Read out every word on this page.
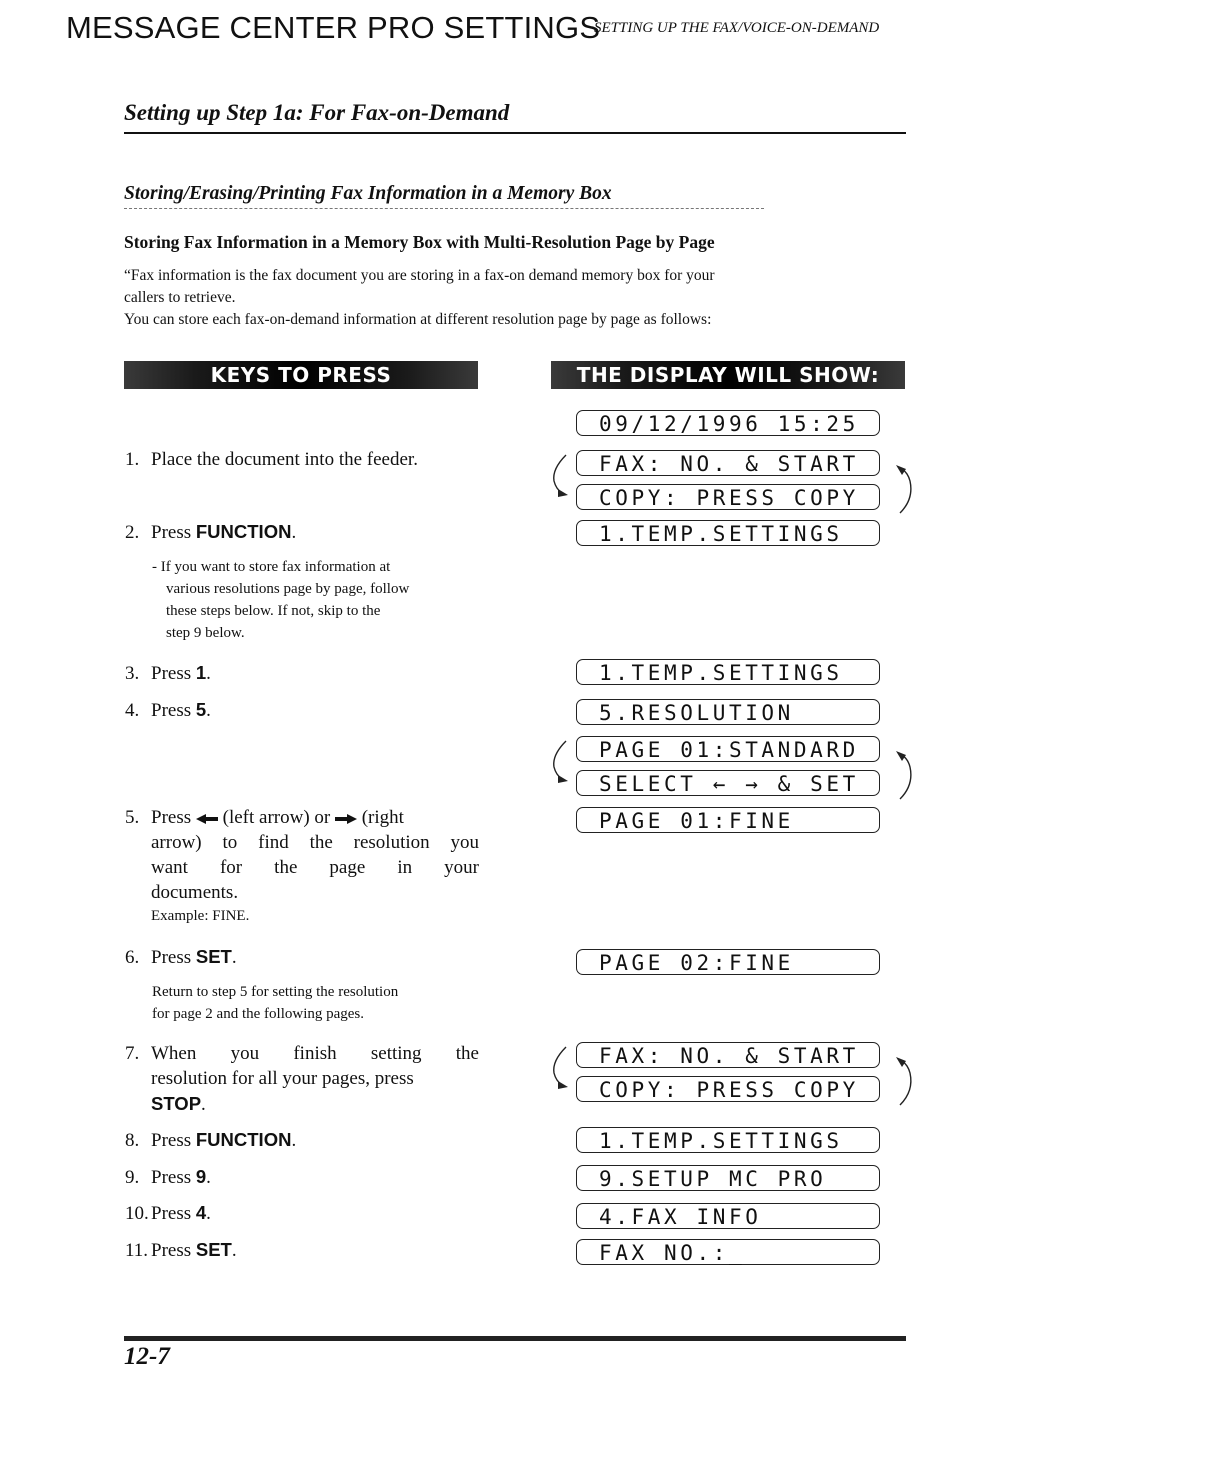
MESSAGE CENTER PRO SETTINGS
SETTING UP THE FAX/VOICE-ON-DEMAND
Setting up Step 1a: For Fax-on-Demand
Storing/Erasing/Printing Fax Information in a Memory Box
Storing Fax Information in a Memory Box with Multi-Resolution Page by Page
“Fax information is the fax document you are storing in a fax-on demand memory box for your
callers to retrieve.
You can store each fax-on-demand information at different resolution page by page as follows:
KEYS TO PRESS	THE DISPLAY WILL SHOW:
1. Place the document into the feeder.
2. Press FUNCTION.
- If you want to store fax information at
various resolutions page by page, follow
these steps below. If not, skip to the
step 9 below.
3. Press 1.
4. Press 5.
5. Press  (left arrow) or  (right
arrow) to find the resolution you
want for the page in your
documents.
Example: FINE.
6. Press SET.
Return to step 5 for setting the resolution
for page 2 and the following pages.
7. When you finish setting the
resolution for all your pages, press
STOP.
8. Press FUNCTION.
9. Press 9.
10. Press 4.
11. Press SET.
09/12/1996 15:25
FAX: NO. & START
COPY: PRESS COPY
1.TEMP.SETTINGS
1.TEMP.SETTINGS
5.RESOLUTION
PAGE 01:STANDARD
SELECT ← → & SET
PAGE 01:FINE
PAGE 02:FINE
FAX: NO. & START
COPY: PRESS COPY
1.TEMP.SETTINGS
9.SETUP MC PRO
4.FAX INFO
FAX NO.:_
12-7
